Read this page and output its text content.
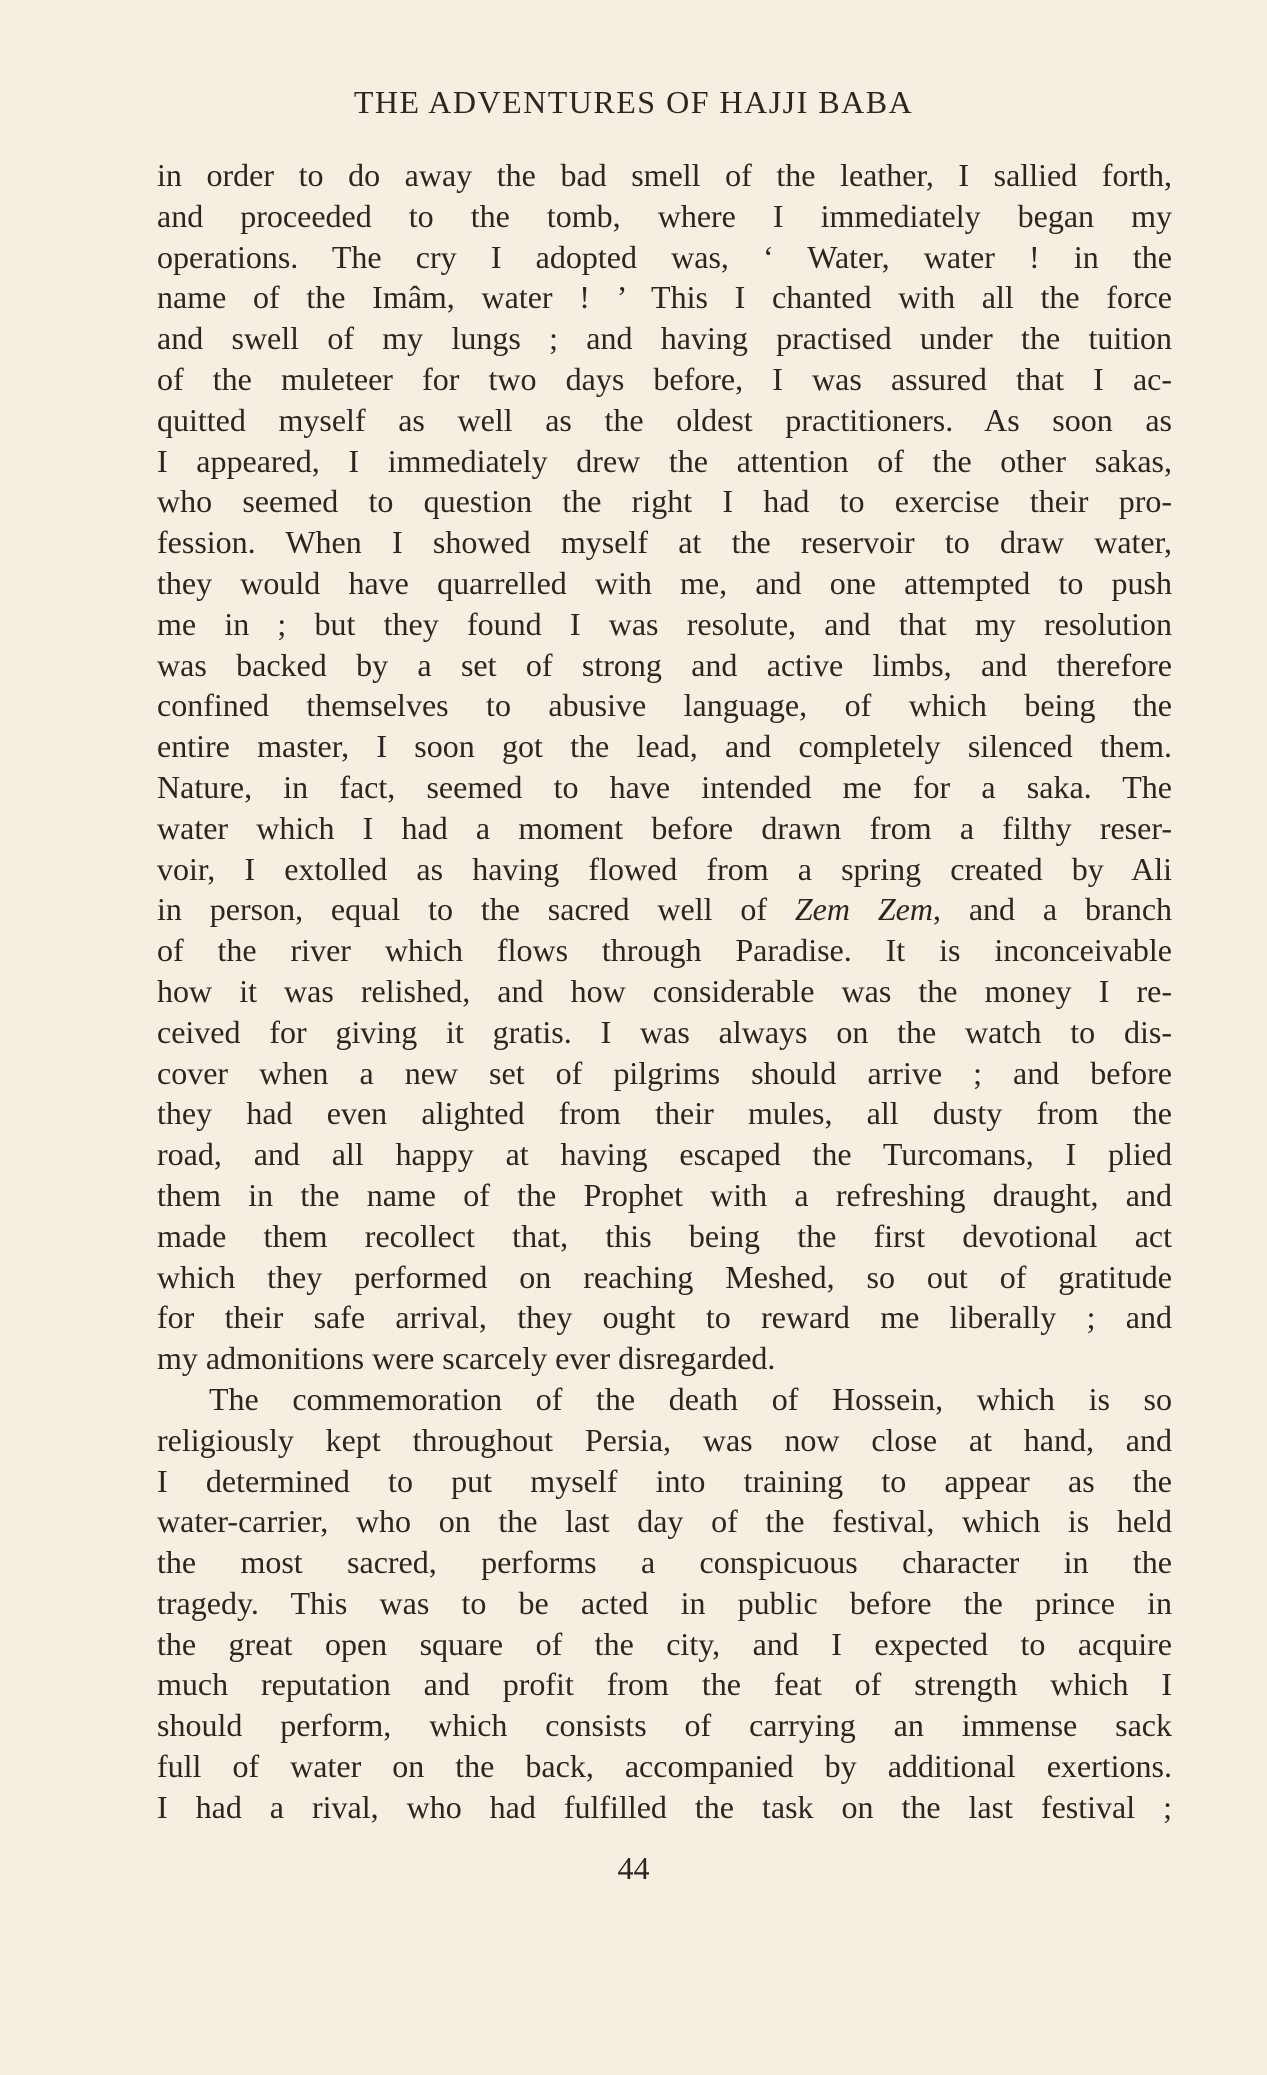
THE ADVENTURES OF HAJJI BABA
in order to do away the bad smell of the leather, I sallied forth,
and proceeded to the tomb, where I immediately began my
operations. The cry I adopted was, ‘ Water, water ! in the
name of the Imâm, water ! ’ This I chanted with all the force
and swell of my lungs ; and having practised under the tuition
of the muleteer for two days before, I was assured that I ac-
quitted myself as well as the oldest practitioners. As soon as
I appeared, I immediately drew the attention of the other sakas,
who seemed to question the right I had to exercise their pro-
fession. When I showed myself at the reservoir to draw water,
they would have quarrelled with me, and one attempted to push
me in ; but they found I was resolute, and that my resolution
was backed by a set of strong and active limbs, and therefore
confined themselves to abusive language, of which being the
entire master, I soon got the lead, and completely silenced them.
Nature, in fact, seemed to have intended me for a saka. The
water which I had a moment before drawn from a filthy reser-
voir, I extolled as having flowed from a spring created by Ali
in person, equal to the sacred well of Zem Zem, and a branch
of the river which flows through Paradise. It is inconceivable
how it was relished, and how considerable was the money I re-
ceived for giving it gratis. I was always on the watch to dis-
cover when a new set of pilgrims should arrive ; and before
they had even alighted from their mules, all dusty from the
road, and all happy at having escaped the Turcomans, I plied
them in the name of the Prophet with a refreshing draught, and
made them recollect that, this being the first devotional act
which they performed on reaching Meshed, so out of gratitude
for their safe arrival, they ought to reward me liberally ; and
my admonitions were scarcely ever disregarded.
The commemoration of the death of Hossein, which is so
religiously kept throughout Persia, was now close at hand, and
I determined to put myself into training to appear as the
water-carrier, who on the last day of the festival, which is held
the most sacred, performs a conspicuous character in the
tragedy. This was to be acted in public before the prince in
the great open square of the city, and I expected to acquire
much reputation and profit from the feat of strength which I
should perform, which consists of carrying an immense sack
full of water on the back, accompanied by additional exertions.
I had a rival, who had fulfilled the task on the last festival ;
44
